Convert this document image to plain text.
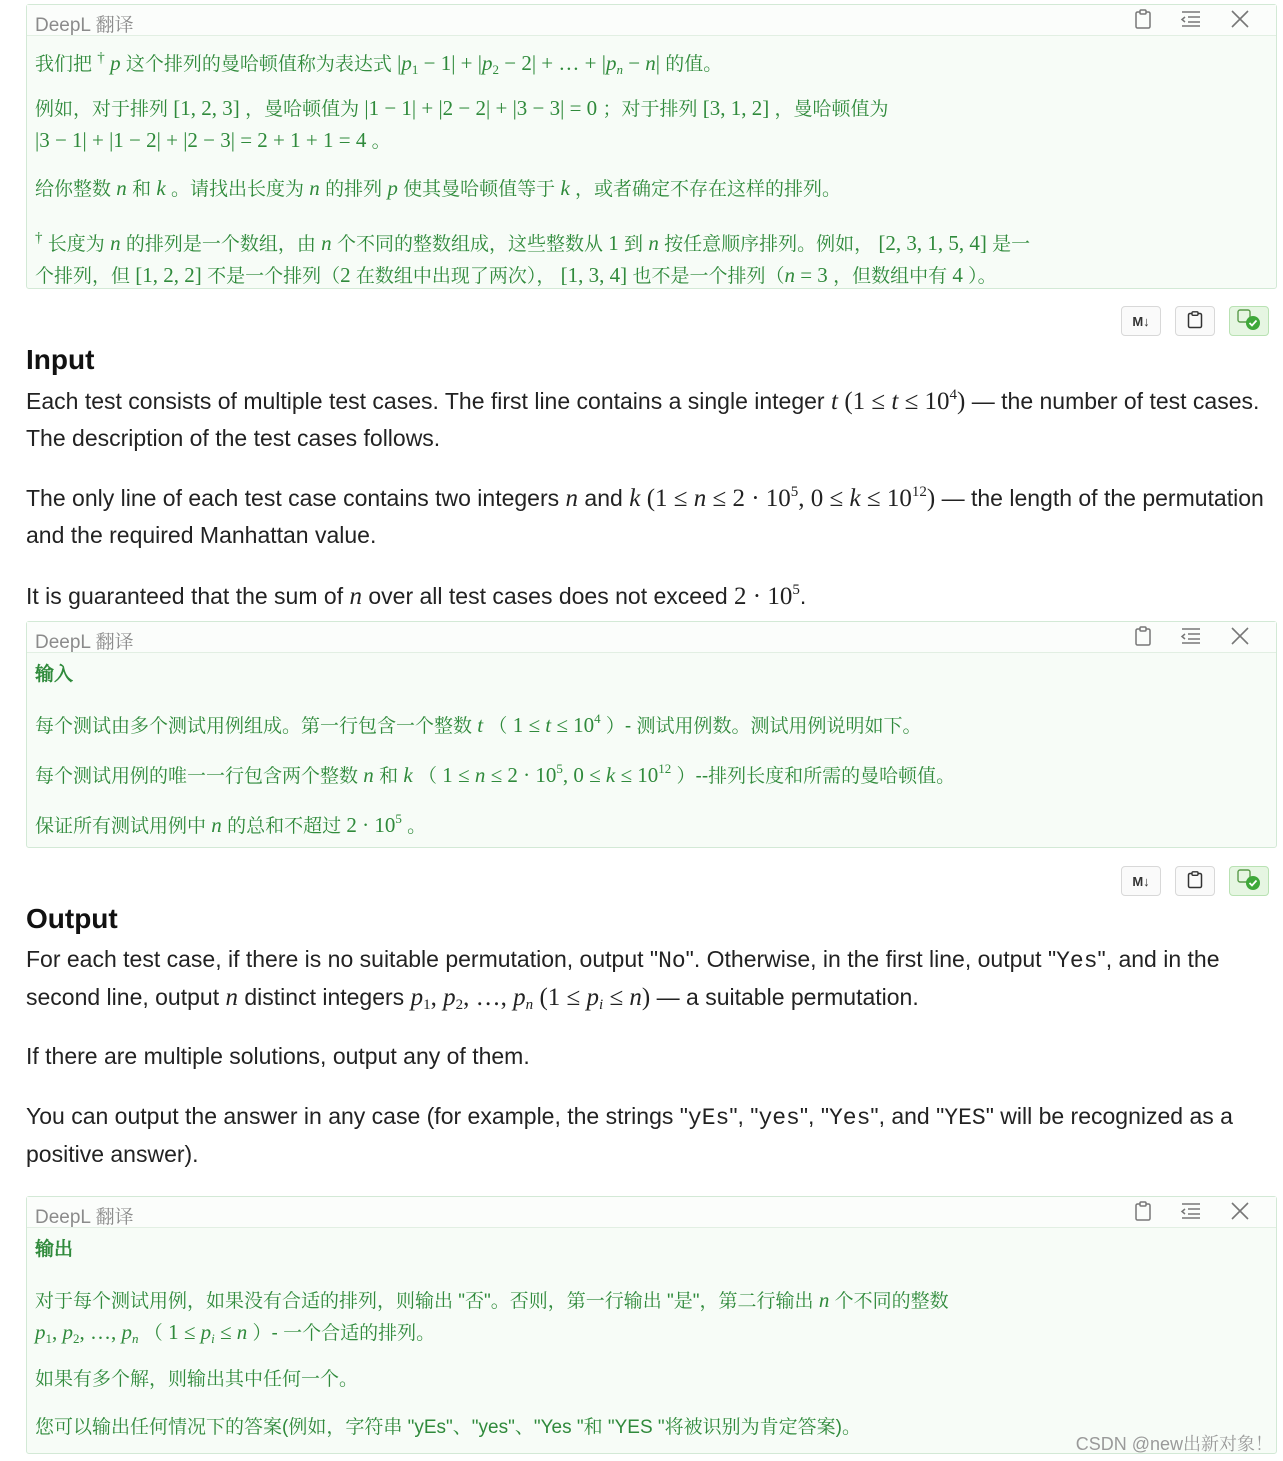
DeepL 翻译
我们把 † p 这个排列的曼哈顿值称为表达式 $|p_1 - 1| + |p_2 - 2|$ + … + $|p_n - n|$ 的值。
例如，对于排列 [1, 2, 3] ，曼哈顿值为 |1 − 1| + |2 − 2| + |3 − 3| = 0 ；对于排列 [3, 1, 2] ，曼哈顿值为
|3 − 1| + |1 − 2| + |2 − 3| = 2 + 1 + 1 = 4 。
给你整数 n 和 k 。请找出长度为 n 的排列 p 使其曼哈顿值等于 k ，或者确定不存在这样的排列。
† 长度为 n 的排列是一个数组，由 n 个不同的整数组成，这些整数从 1 到 n 按任意顺序排列。例如， [2, 3, 1, 5, 4] 是一
个排列，但 [1, 2, 2] 不是一个排列（2 在数组中出现了两次）， [1, 3, 4] 也不是一个排列（n = 3 ，但数组中有 4 ）。
M↓
Input
Each test consists of multiple test cases. The first line contains a single integer t $(1 \le t \le 10^4)$ — the number of test cases. The description of the test cases follows.
The only line of each test case contains two integers n and k ($1 \le n \le 2 \cdot 10^5$, $0 \le k \le 10^{12}$) — the length of the permutation and the required Manhattan value.
It is guaranteed that the sum of n over all test cases does not exceed $2 \cdot 10^5$.
DeepL 翻译
输入
每个测试由多个测试用例组成。第一行包含一个整数 t （ $1 \le t \le 10^4$ ）- 测试用例数。测试用例说明如下。
每个测试用例的唯一一行包含两个整数 n 和 k （ $1 \le n \le 2 \cdot 10^5$, $0 \le k \le 10^{12}$ ）--排列长度和所需的曼哈顿值。
保证所有测试用例中 n 的总和不超过 $2 \cdot 10^5$ 。
M↓
Output
For each test case, if there is no suitable permutation, output "No". Otherwise, in the first line, output "Yes", and in the second line, output n distinct integers $p_1$, $p_2$, …, $p_n$ $(1 \le p_i \le n)$ — a suitable permutation.
If there are multiple solutions, output any of them.
You can output the answer in any case (for example, the strings "yEs", "yes", "Yes", and "YES" will be recognized as a positive answer).
DeepL 翻译
输出
对于每个测试用例，如果没有合适的排列，则输出 "否"。否则，第一行输出 "是"，第二行输出 n 个不同的整数
$p_1$, $p_2$, …, $p_n$ （ $1 \le p_i \le n$ ）- 一个合适的排列。
如果有多个解，则输出其中任何一个。
您可以输出任何情况下的答案(例如，字符串 "yEs"、"yes"、"Yes "和 "YES "将被识别为肯定答案)。
CSDN @new出新对象！
